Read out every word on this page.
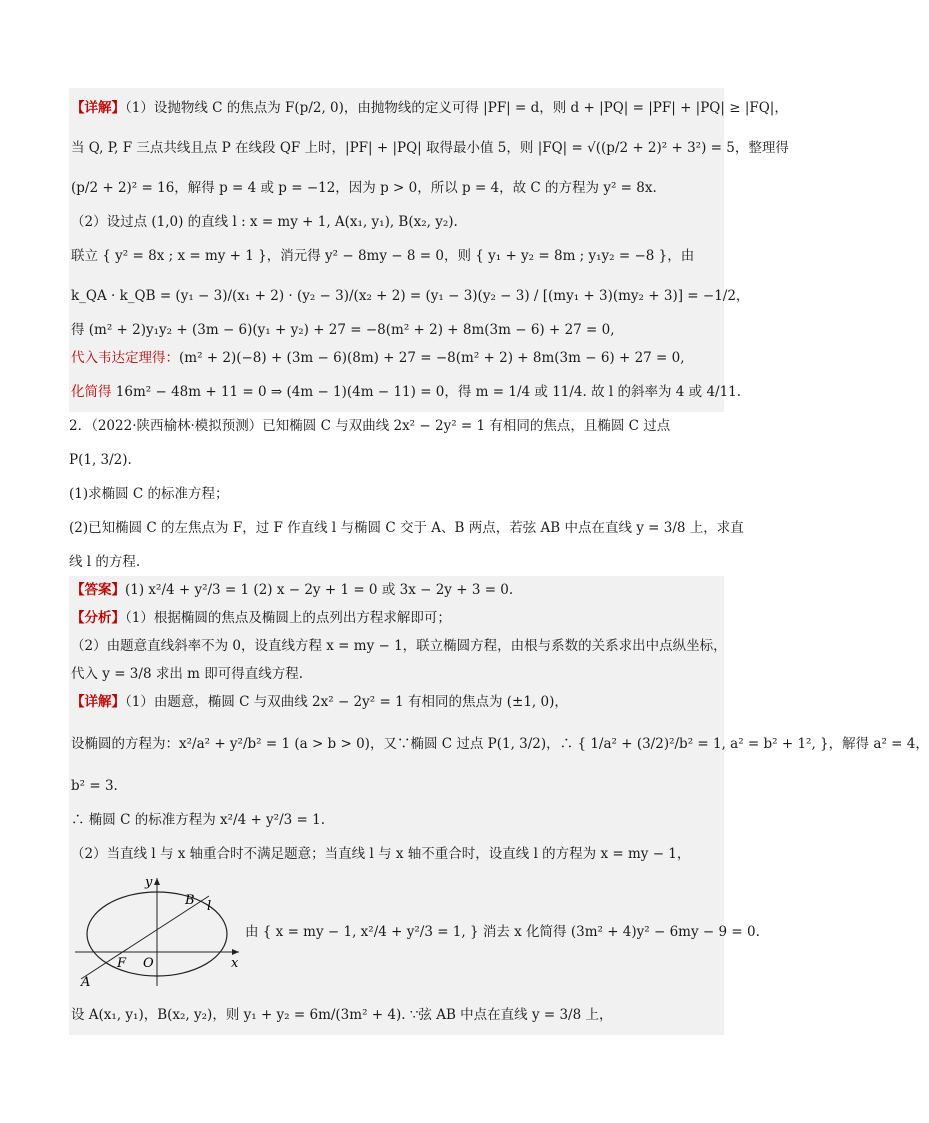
【详解】（1）设抛物线 C 的焦点为 F(p/2, 0)，由抛物线的定义可得 |PF| = d，则 d + |PQ| = |PF| + |PQ| ≥ |FQ|，
当 Q, P, F 三点共线且点 P 在线段 QF 上时，|PF| + |PQ| 取得最小值 5，则 |FQ| = √((p/2 + 2)² + 3²) = 5，整理得
(p/2 + 2)² = 16，解得 p = 4 或 p = −12，因为 p > 0，所以 p = 4，故 C 的方程为 y² = 8x.
（2）设过点 (1,0) 的直线 l : x = my + 1, A(x₁, y₁), B(x₂, y₂).
联立 { y² = 8x ; x = my + 1 }，消元得 y² − 8my − 8 = 0，则 { y₁ + y₂ = 8m ; y₁y₂ = −8 }，由
k_QA · k_QB = (y₁ − 3)/(x₁ + 2) · (y₂ − 3)/(x₂ + 2) = (y₁ − 3)(y₂ − 3) / [(my₁ + 3)(my₂ + 3)] = −1/2，
得 (m² + 2)y₁y₂ + (3m − 6)(y₁ + y₂) + 27 = −8(m² + 2) + 8m(3m − 6) + 27 = 0,
代入韦达定理得：(m² + 2)(−8) + (3m − 6)(8m) + 27 = −8(m² + 2) + 8m(3m − 6) + 27 = 0,
化简得 16m² − 48m + 11 = 0 ⇒ (4m − 1)(4m − 11) = 0，得 m = 1/4 或 11/4. 故 l 的斜率为 4 或 4/11.
2．（2022·陕西榆林·模拟预测）已知椭圆 C 与双曲线 2x² − 2y² = 1 有相同的焦点，且椭圆 C 过点
P(1, 3/2).
(1)求椭圆 C 的标准方程；
(2)已知椭圆 C 的左焦点为 F，过 F 作直线 l 与椭圆 C 交于 A、B 两点，若弦 AB 中点在直线 y = 3/8 上，求直
线 l 的方程.
【答案】(1) x²/4 + y²/3 = 1 (2) x − 2y + 1 = 0 或 3x − 2y + 3 = 0.
【分析】（1）根据椭圆的焦点及椭圆上的点列出方程求解即可；
（2）由题意直线斜率不为 0，设直线方程 x = my − 1，联立椭圆方程，由根与系数的关系求出中点纵坐标，
代入 y = 3/8 求出 m 即可得直线方程.
【详解】（1）由题意，椭圆 C 与双曲线 2x² − 2y² = 1 有相同的焦点为 (±1, 0)，
设椭圆的方程为：x²/a² + y²/b² = 1 (a > b > 0)，又∵椭圆 C 过点 P(1, 3/2)，∴ { 1/a² + (3/2)²/b² = 1, a² = b² + 1², }，解得 a² = 4，
b² = 3.
∴ 椭圆 C 的标准方程为 x²/4 + y²/3 = 1.
（2）当直线 l 与 x 轴重合时不满足题意；当直线 l 与 x 轴不重合时，设直线 l 的方程为 x = my − 1，
y
x
O
F
A
B l
由 { x = my − 1, x²/4 + y²/3 = 1, } 消去 x 化简得 (3m² + 4)y² − 6my − 9 = 0.
设 A(x₁, y₁)，B(x₂, y₂)，则 y₁ + y₂ = 6m/(3m² + 4). ∵弦 AB 中点在直线 y = 3/8 上，
